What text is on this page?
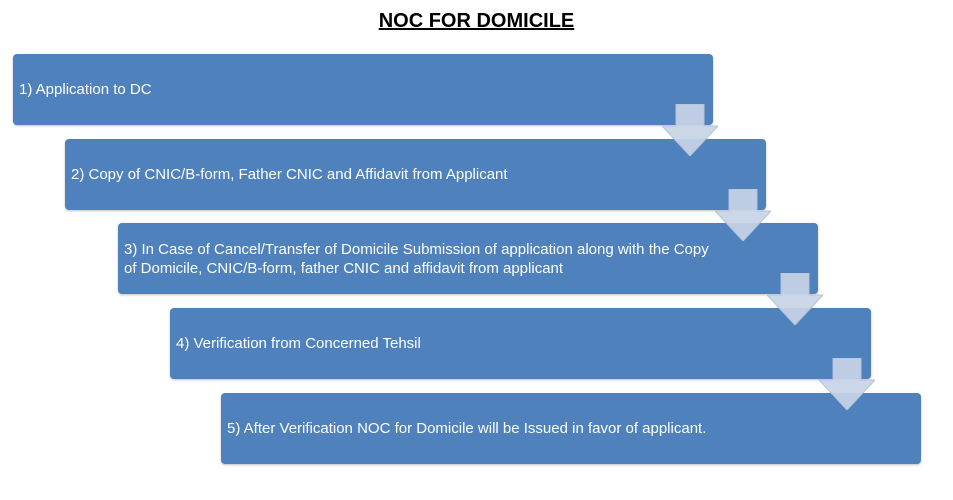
NOC FOR DOMICILE
1) Application to DC
2) Copy of CNIC/B-form, Father CNIC and Affidavit from Applicant
3) In Case of Cancel/Transfer of Domicile Submission of application along with the Copy of Domicile, CNIC/B-form, father CNIC and affidavit from applicant
4) Verification from Concerned Tehsil
5) After Verification NOC for Domicile will be Issued in favor of applicant.
